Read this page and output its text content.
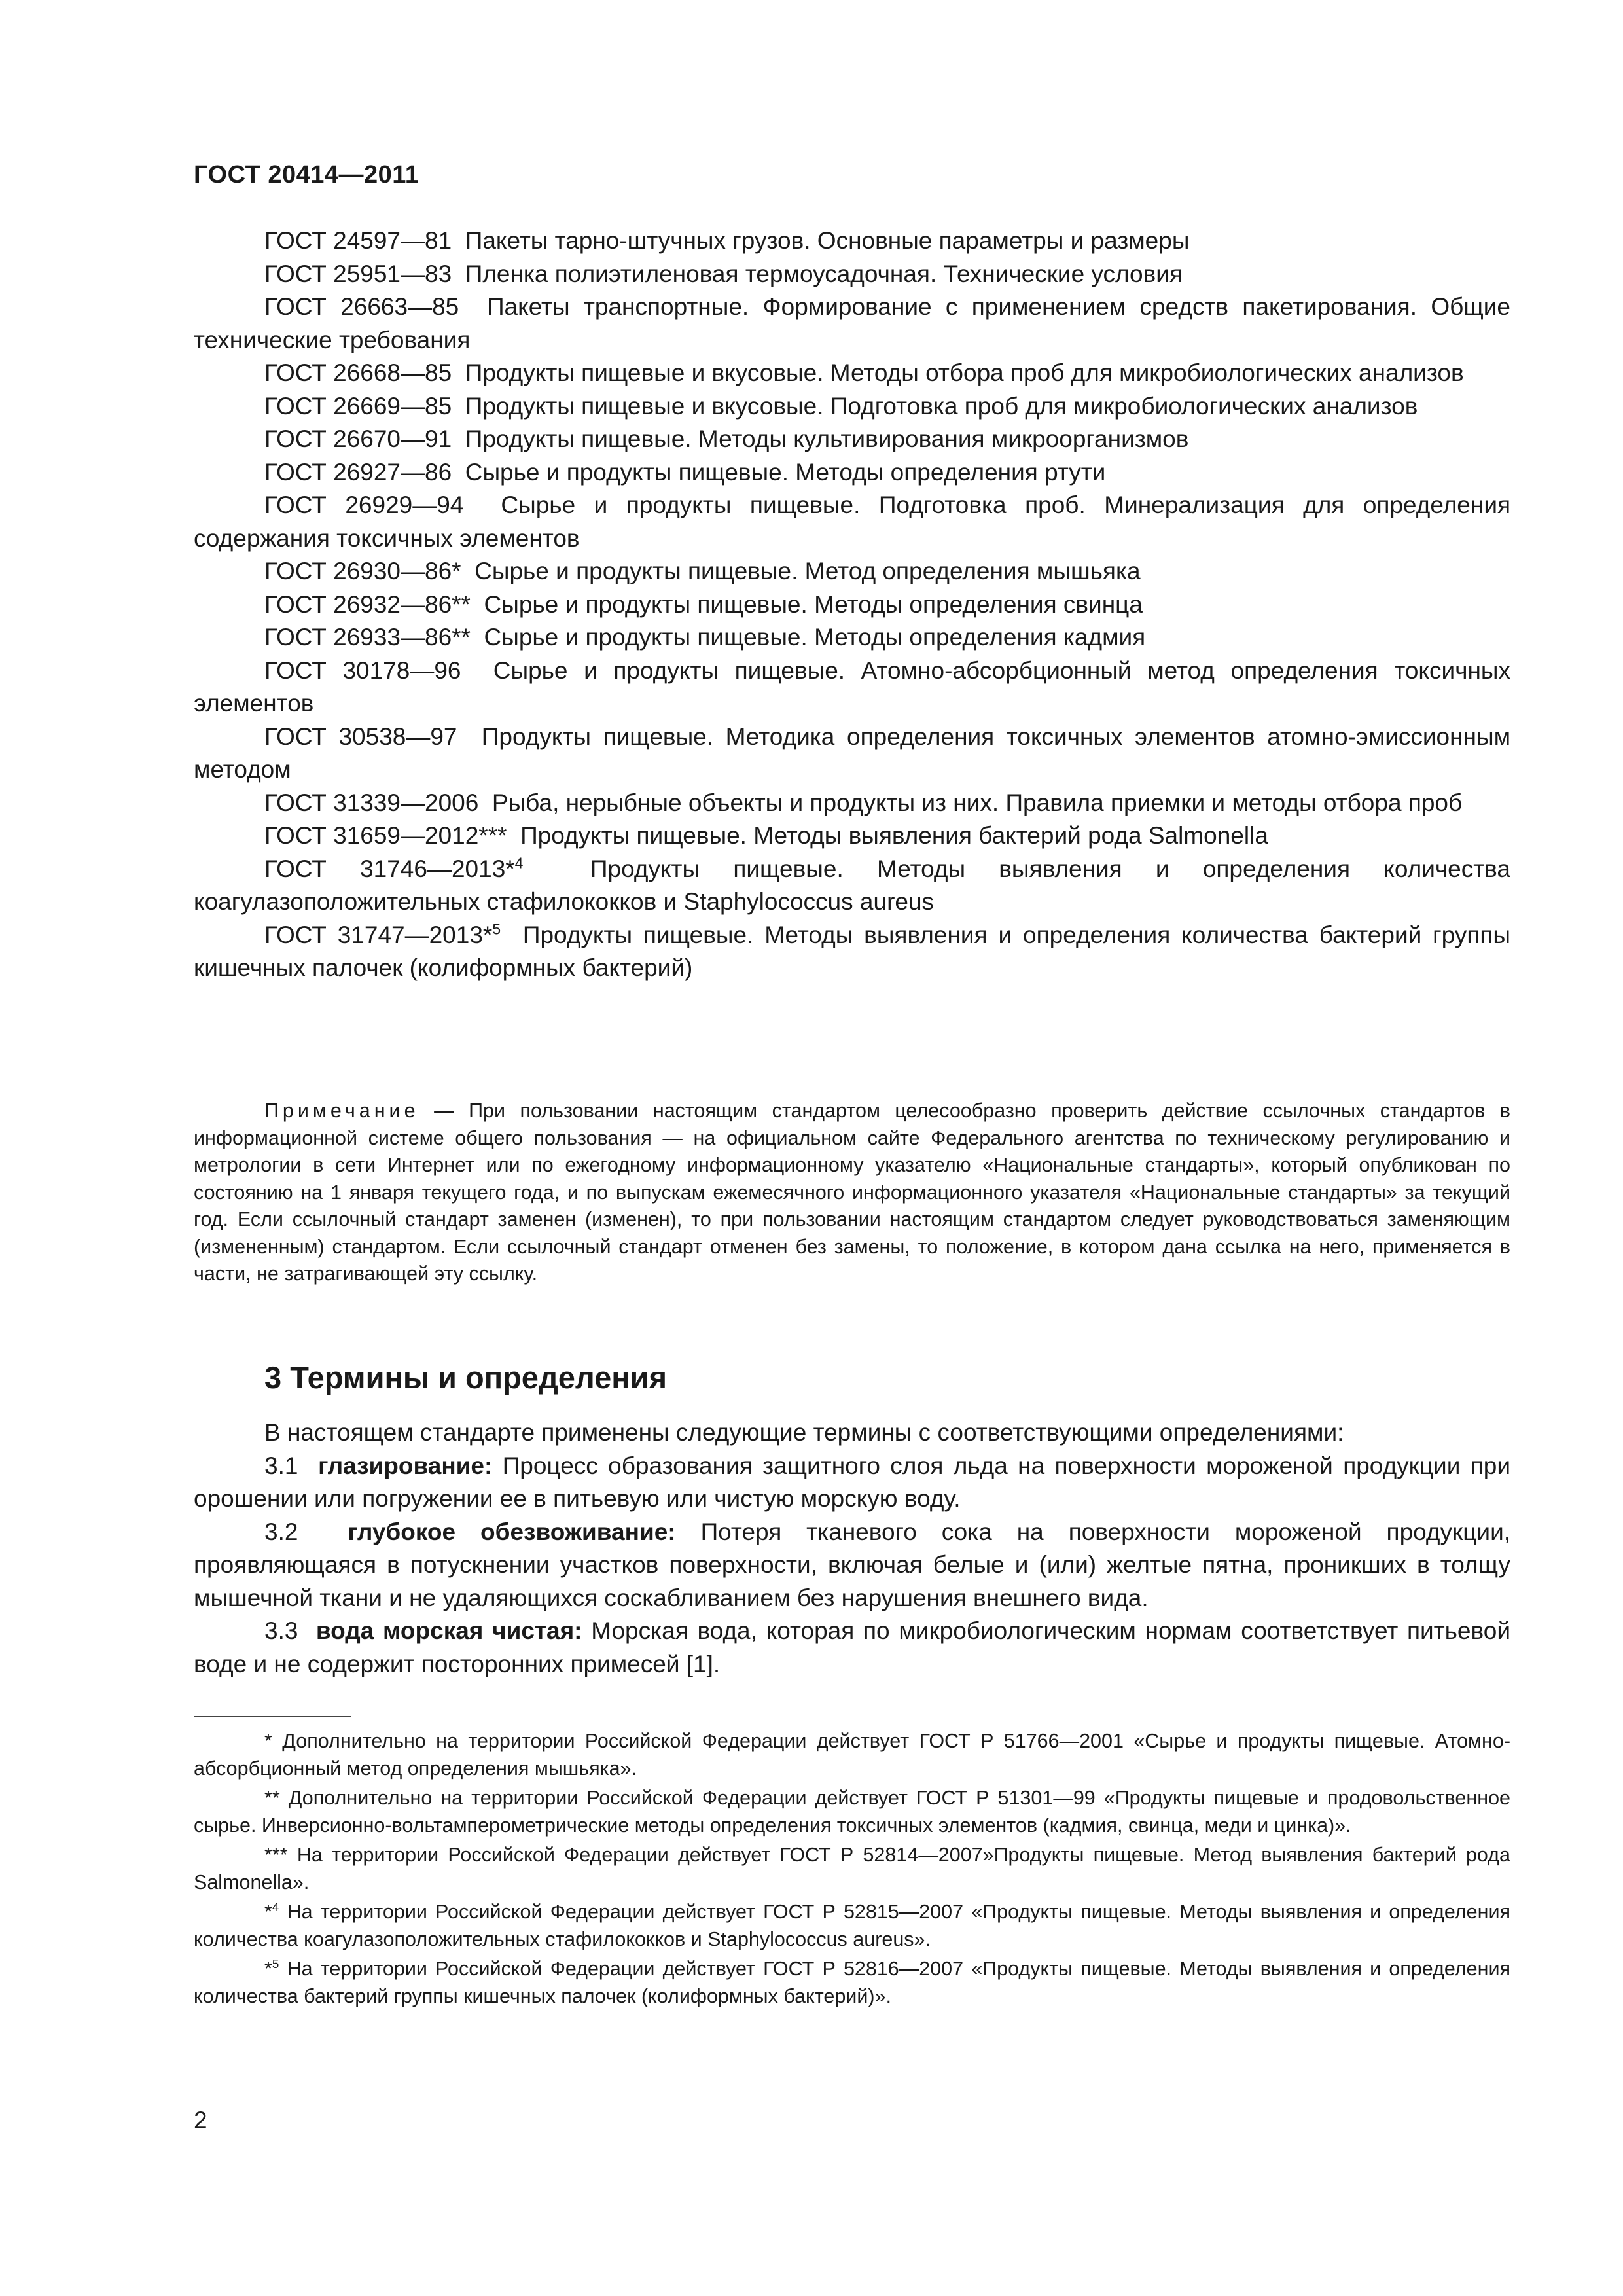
ГОСТ 20414—2011

ГОСТ 24597—81 Пакеты тарно-штучных грузов. Основные параметры и размеры

ГОСТ 25951—83 Пленка полиэтиленовая термоусадочная. Технические условия

ГОСТ 26663—85 Пакеты транспортные. Формирование с применением средств пакетирования. Общие технические требования

ГОСТ 26668—85 Продукты пищевые и вкусовые. Методы отбора проб для микробиологических анализов

ГОСТ 26669—85 Продукты пищевые и вкусовые. Подготовка проб для микробиологических анализов

ГОСТ 26670—91 Продукты пищевые. Методы культивирования микроорганизмов

ГОСТ 26927—86 Сырье и продукты пищевые. Методы определения ртути

ГОСТ 26929—94 Сырье и продукты пищевые. Подготовка проб. Минерализация для определения содержания токсичных элементов

ГОСТ 26930—86* Сырье и продукты пищевые. Метод определения мышьяка

ГОСТ 26932—86** Сырье и продукты пищевые. Методы определения свинца

ГОСТ 26933—86** Сырье и продукты пищевые. Методы определения кадмия

ГОСТ 30178—96 Сырье и продукты пищевые. Атомно-абсорбционный метод определения токсичных элементов

ГОСТ 30538—97 Продукты пищевые. Методика определения токсичных элементов атомно-эмиссионным методом

ГОСТ 31339—2006 Рыба, нерыбные объекты и продукты из них. Правила приемки и методы отбора проб

ГОСТ 31659—2012*** Продукты пищевые. Методы выявления бактерий рода Salmonella

ГОСТ 31746—2013*$^4$	Продукты пищевые. Методы выявления и определения количества коагулазоположительных стафилококков и Staphylococcus aureus

ГОСТ 31747—2013*$^5$ Продукты пищевые. Методы выявления и определения количества бактерий группы кишечных палочек (колиформных бактерий)

Примечание — При пользовании настоящим стандартом целесообразно проверить действие ссылочных стандартов в информационной системе общего пользования — на официальном сайте Федерального агентства по техническому регулированию и метрологии в сети Интернет или по ежегодному информационному указателю «Национальные стандарты», который опубликован по состоянию на 1 января текущего года, и по выпускам ежемесячного информационного указателя «Национальные стандарты» за текущий год. Если ссылочный стандарт заменен (изменен), то при пользовании настоящим стандартом следует руководствоваться заменяющим (измененным) стандартом. Если ссылочный стандарт отменен без замены, то положение, в котором дана ссылка на него, применяется в части, не затрагивающей эту ссылку.

3 Термины и определения

В настоящем стандарте применены следующие термины с соответствующими определениями:

3.1 глазирование: Процесс образования защитного слоя льда на поверхности мороженой продукции при орошении или погружении ее в питьевую или чистую морскую воду.

3.2 глубокое обезвоживание: Потеря тканевого сока на поверхности мороженой продукции, проявляющаяся в потускнении участков поверхности, включая белые и (или) желтые пятна, проникших в толщу мышечной ткани и не удаляющихся соскабливанием без нарушения внешнего вида.

3.3 вода морская чистая: Морская вода, которая по микробиологическим нормам соответствует питьевой воде и не содержит посторонних примесей [1].

* Дополнительно на территории Российской Федерации действует ГОСТ Р 51766—2001 «Сырье и продукты пищевые. Атомно-абсорбционный метод определения мышьяка».

** Дополнительно на территории Российской Федерации действует ГОСТ Р 51301—99 «Продукты пищевые и продовольственное сырье. Инверсионно-вольтамперометрические методы определения токсичных элементов (кадмия, свинца, меди и цинка)».

*** На территории Российской Федерации действует ГОСТ Р 52814—2007»Продукты пищевые. Метод выявления бактерий рода Salmonella».

*$^4$ На территории Российской Федерации действует ГОСТ Р 52815—2007 «Продукты пищевые. Методы выявления и определения количества коагулазоположительных стафилококков и Staphylococcus aureus».

*$^5$ На территории Российской Федерации действует ГОСТ Р 52816—2007 «Продукты пищевые. Методы выявления и определения количества бактерий группы кишечных палочек (колиформных бактерий)».

2
